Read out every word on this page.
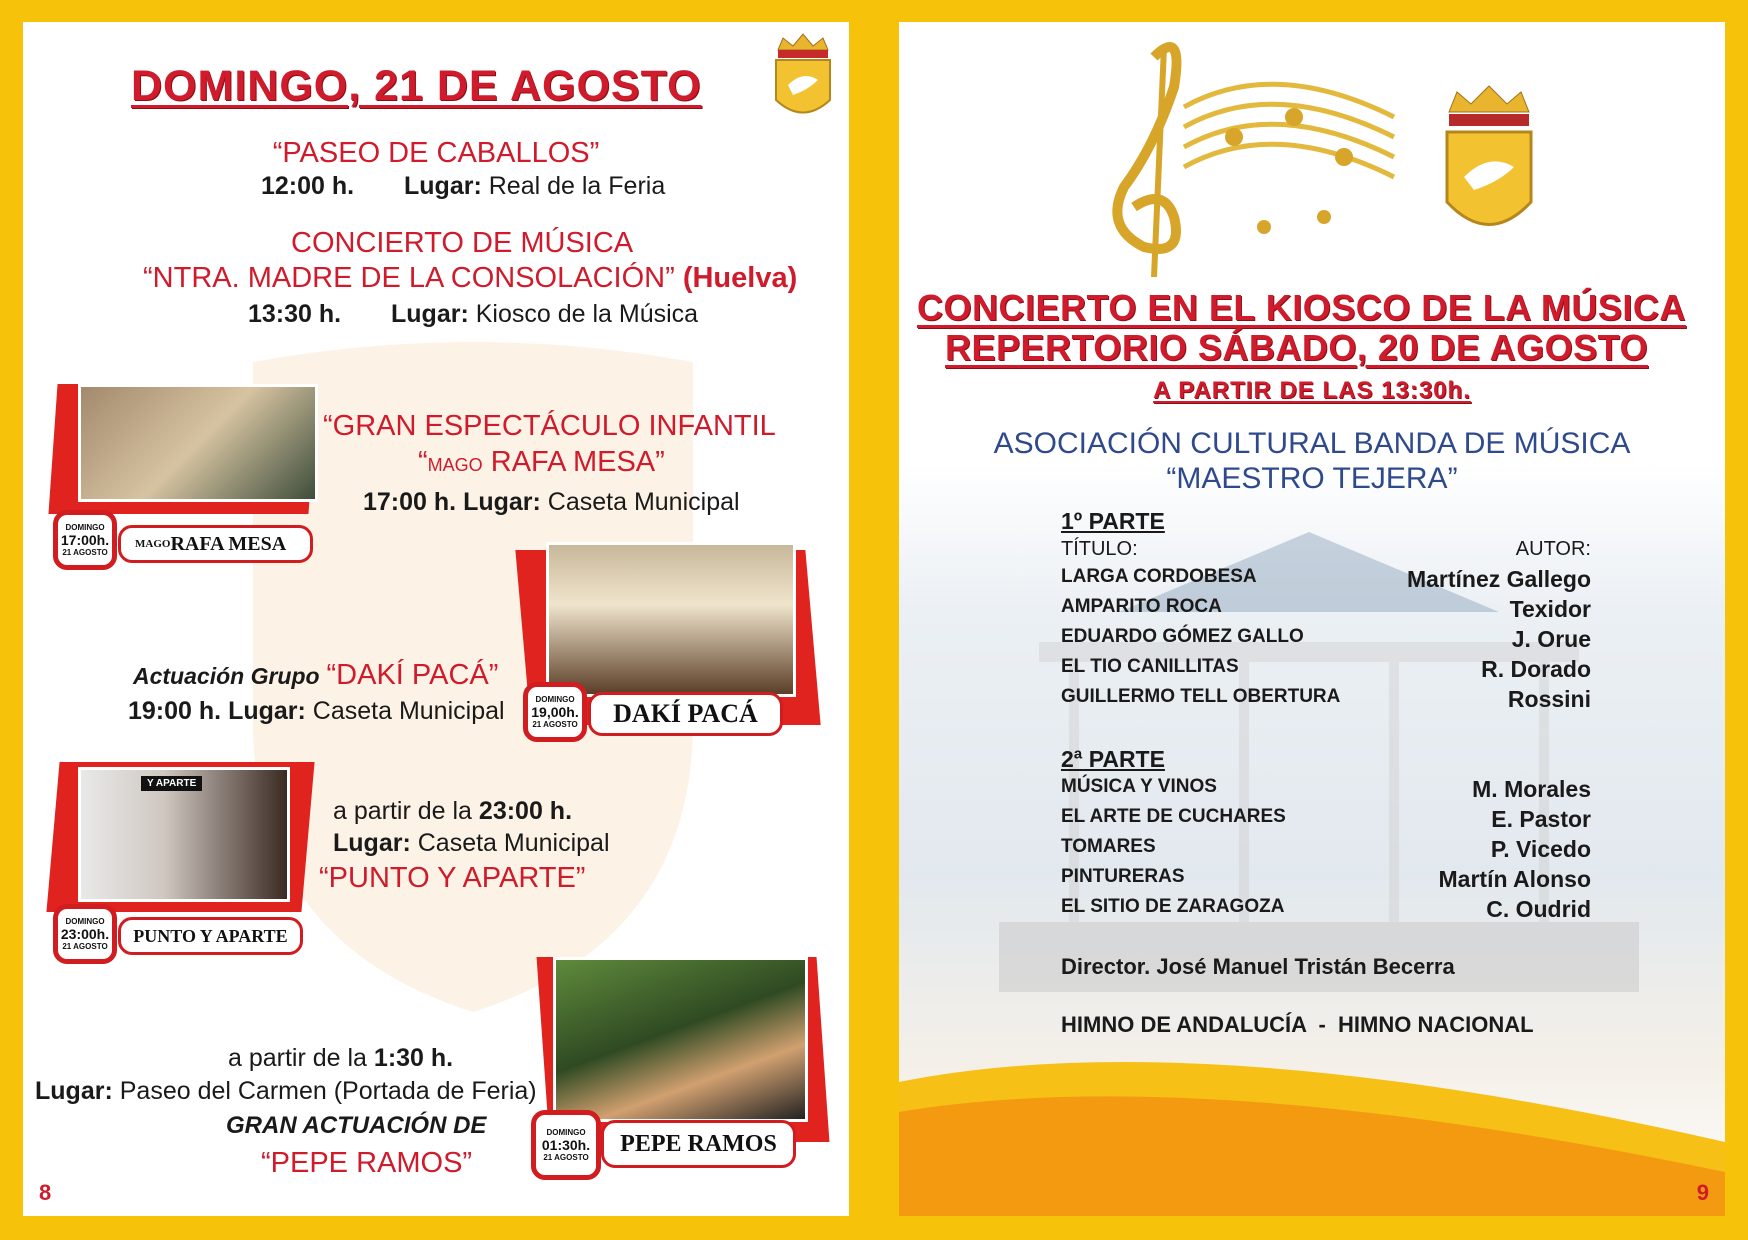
DOMINGO, 21 DE AGOSTO
“PASEO DE CABALLOS”
12:00 h. Lugar: Real de la Feria
CONCIERTO DE MÚSICA
“NTRA. MADRE DE LA CONSOLACIÓN” (Huelva)
13:30 h. Lugar: Kiosco de la Música
DOMINGO
17:00h.
21 AGOSTO
MAGO RAFA MESA
“GRAN ESPECTÁCULO INFANTIL
“MAGO RAFA MESA”
17:00 h. Lugar: Caseta Municipal
DOMINGO
19,00h.
21 AGOSTO	DAKÍ PACÁ
Actuación Grupo “DAKÍ PACÁ”
19:00 h. Lugar: Caseta Municipal
Y APARTE
DOMINGO
23:00h.
21 AGOSTO
PUNTO Y APARTE
a partir de la 23:00 h.
Lugar: Caseta Municipal
“PUNTO Y APARTE”
DOMINGO
01:30h.
21 AGOSTO
PEPE RAMOS
a partir de la 1:30 h.
Lugar: Paseo del Carmen (Portada de Feria)
GRAN ACTUACIÓN DE
“PEPE RAMOS”
8
CONCIERTO EN EL KIOSCO DE LA MÚSICA
REPERTORIO SÁBADO, 20 DE AGOSTO
A PARTIR DE LAS 13:30h.
ASOCIACIÓN CULTURAL BANDA DE MÚSICA
“MAESTRO TEJERA”
1º PARTE
TÍTULO:	AUTOR:
LARGA CORDOBESA	Martínez Gallego
AMPARITO ROCA	Texidor
EDUARDO GÓMEZ GALLO	J. Orue
EL TIO CANILLITAS	R. Dorado
GUILLERMO TELL OBERTURA	Rossini
2ª PARTE
MÚSICA Y VINOS	M. Morales
EL ARTE DE CUCHARES	E. Pastor
TOMARES	P. Vicedo
PINTURERAS	Martín Alonso
EL SITIO DE ZARAGOZA	C. Oudrid
Director. José Manuel Tristán Becerra
HIMNO DE ANDALUCÍA  -  HIMNO NACIONAL
9
